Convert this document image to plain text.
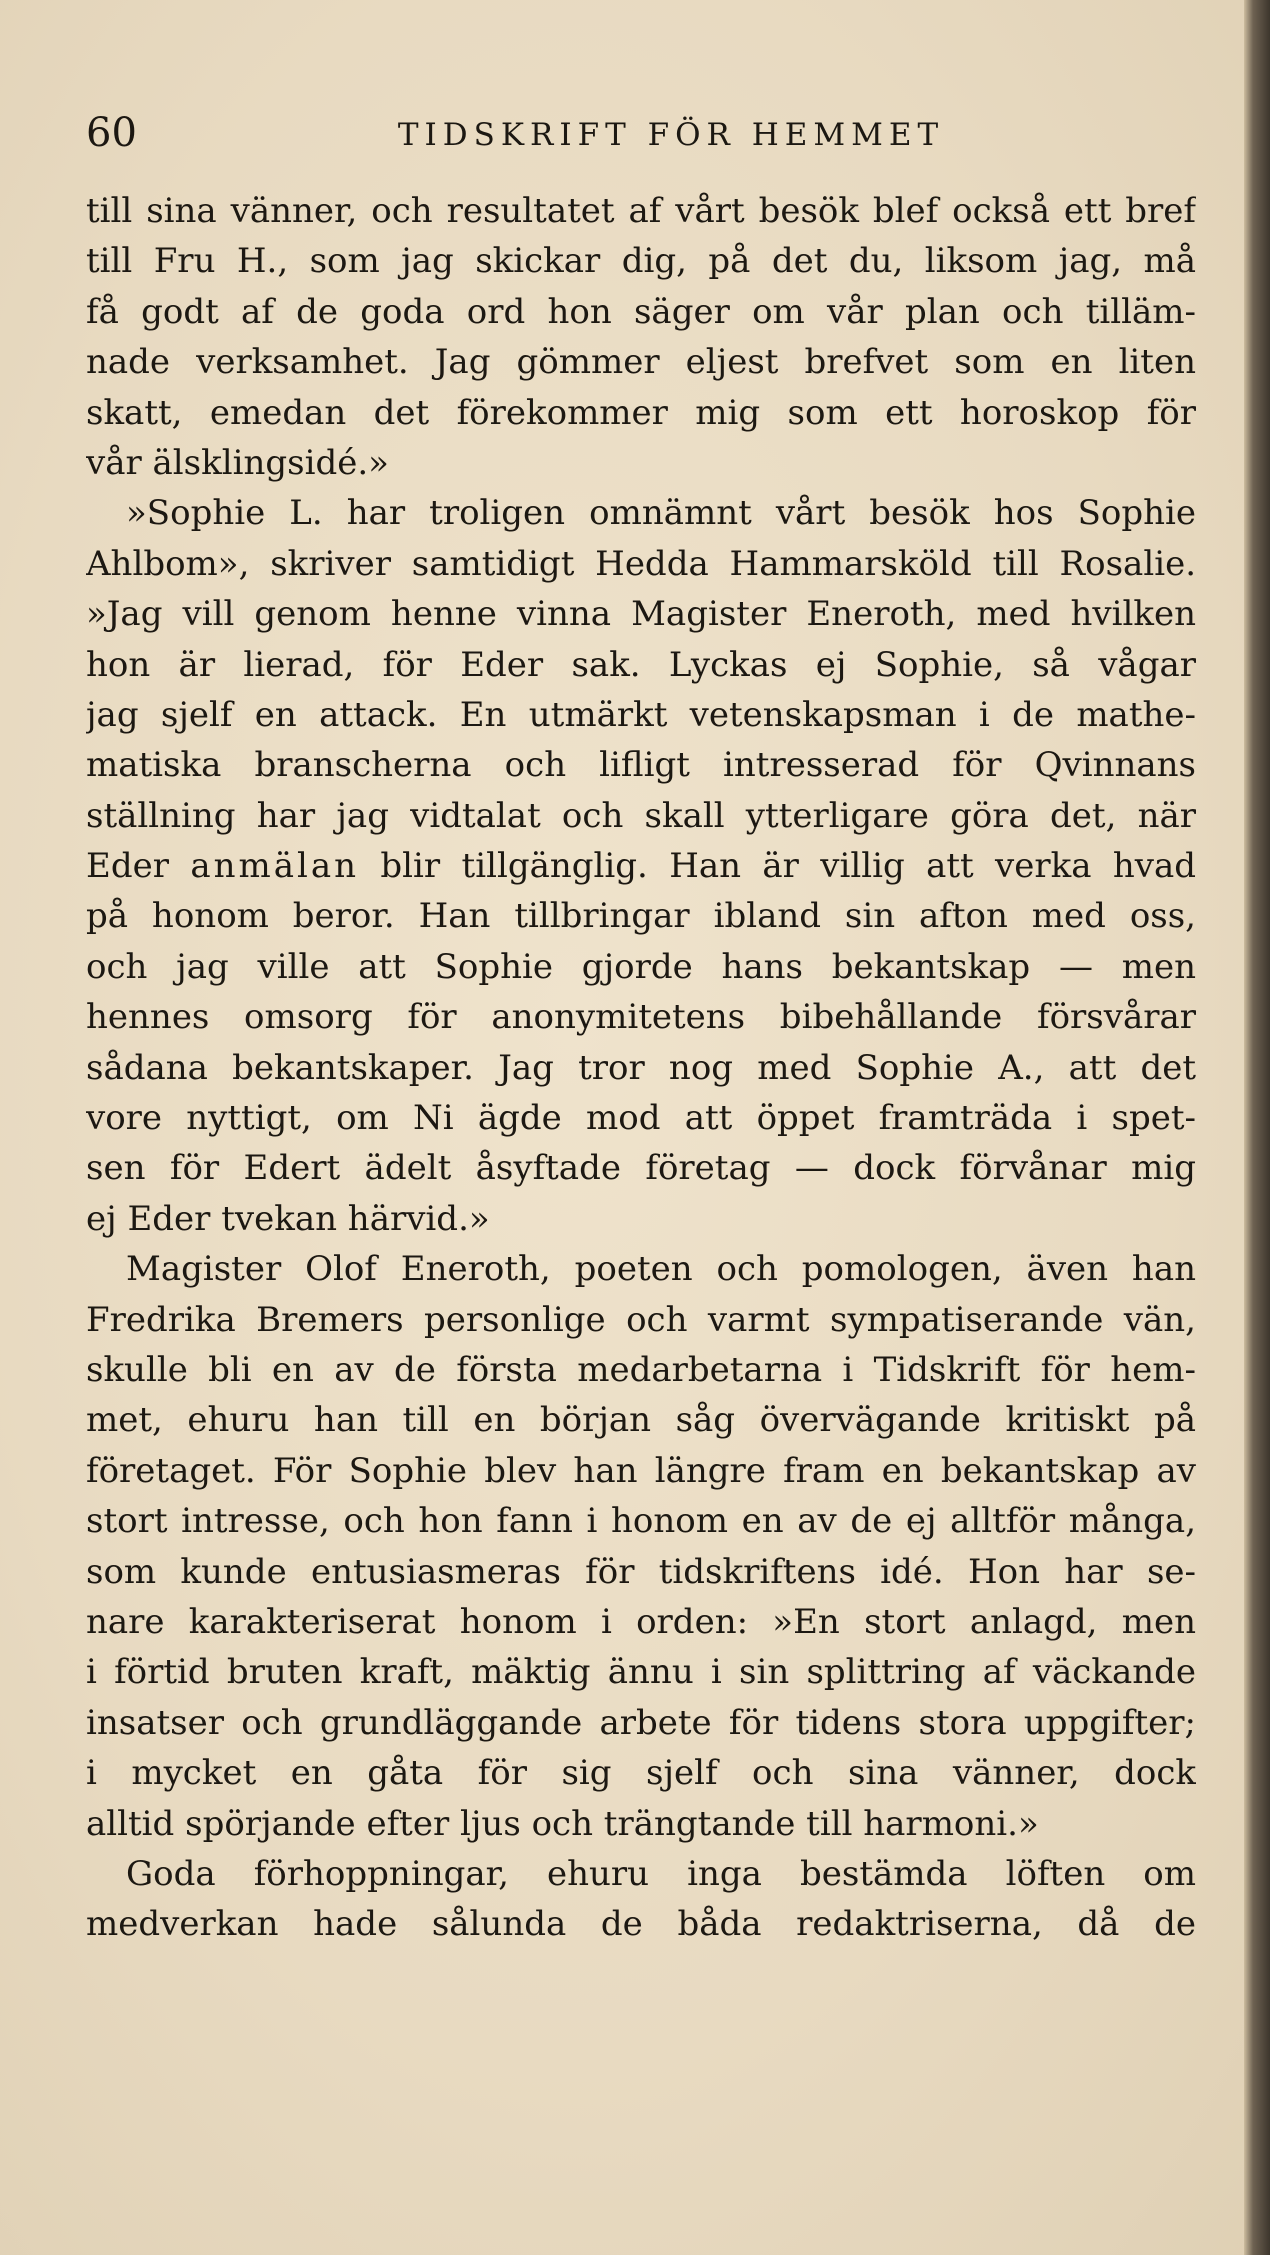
60	TIDSKRIFT FÖR HEMMET
till sina vänner, och resultatet af vårt besök blef också ett bref
till Fru H., som jag skickar dig, på det du, liksom jag, må
få godt af de goda ord hon säger om vår plan och tilläm-
nade verksamhet. Jag gömmer eljest brefvet som en liten
skatt, emedan det förekommer mig som ett horoskop för
vår älsklingsidé.»
»Sophie L. har troligen omnämnt vårt besök hos Sophie
Ahlbom», skriver samtidigt Hedda Hammarsköld till Rosalie.
»Jag vill genom henne vinna Magister Eneroth, med hvilken
hon är lierad, för Eder sak. Lyckas ej Sophie, så vågar
jag sjelf en attack. En utmärkt vetenskapsman i de mathe-
matiska branscherna och lifligt intresserad för Qvinnans
ställning har jag vidtalat och skall ytterligare göra det, när
Eder anmälan blir tillgänglig. Han är villig att verka hvad
på honom beror. Han tillbringar ibland sin afton med oss,
och jag ville att Sophie gjorde hans bekantskap — men
hennes omsorg för anonymitetens bibehållande försvårar
sådana bekantskaper. Jag tror nog med Sophie A., att det
vore nyttigt, om Ni ägde mod att öppet framträda i spet-
sen för Edert ädelt åsyftade företag — dock förvånar mig
ej Eder tvekan härvid.»
Magister Olof Eneroth, poeten och pomologen, även han
Fredrika Bremers personlige och varmt sympatiserande vän,
skulle bli en av de första medarbetarna i Tidskrift för hem-
met, ehuru han till en början såg övervägande kritiskt på
företaget. För Sophie blev han längre fram en bekantskap av
stort intresse, och hon fann i honom en av de ej alltför många,
som kunde entusiasmeras för tidskriftens idé. Hon har se-
nare karakteriserat honom i orden: »En stort anlagd, men
i förtid bruten kraft, mäktig ännu i sin splittring af väckande
insatser och grundläggande arbete för tidens stora uppgifter;
i mycket en gåta för sig sjelf och sina vänner, dock
alltid spörjande efter ljus och trängtande till harmoni.»
Goda förhoppningar, ehuru inga bestämda löften om
medverkan hade sålunda de båda redaktriserna, då de
